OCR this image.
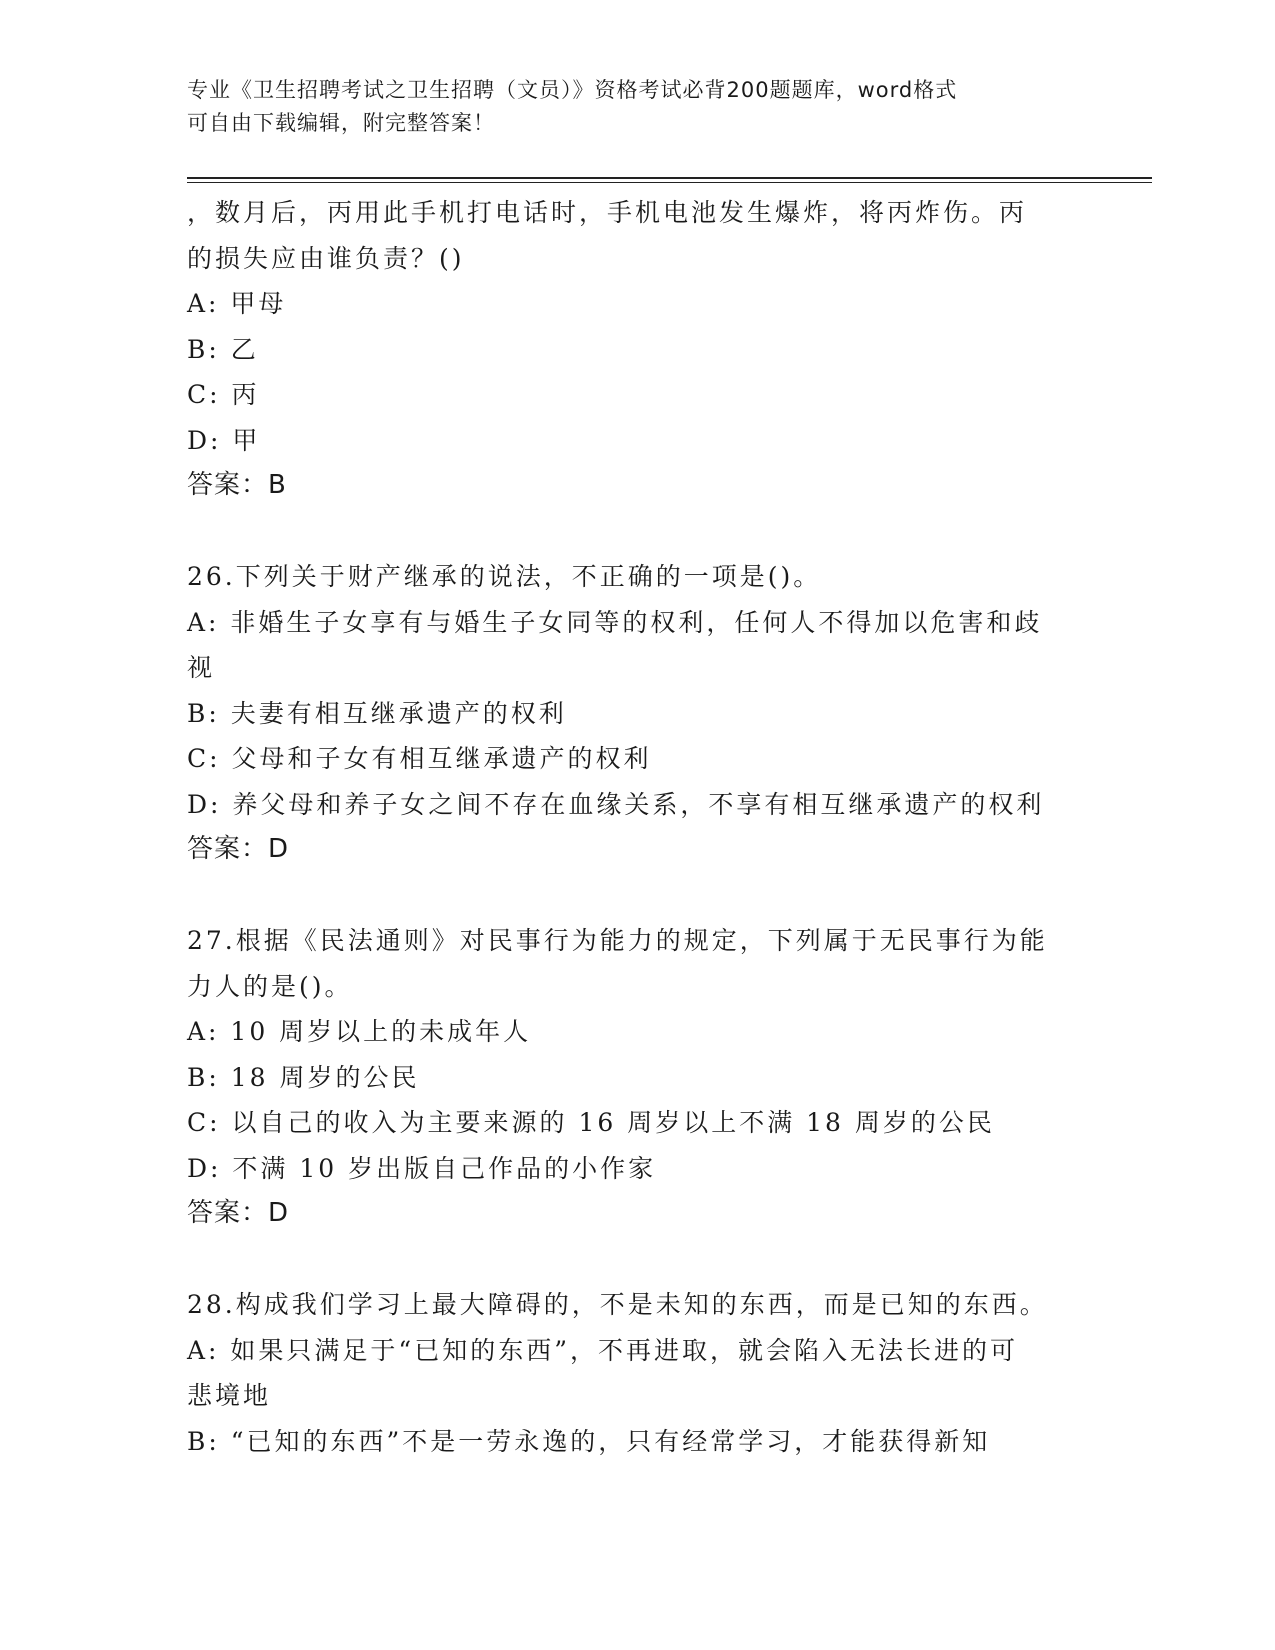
专业《卫生招聘考试之卫生招聘（文员）》资格考试必背200题题库，word格式
可自由下载编辑，附完整答案！
，数月后，丙用此手机打电话时，手机电池发生爆炸，将丙炸伤。丙
的损失应由谁负责？()
A: 甲母
B: 乙
C: 丙
D: 甲
答案：B
26.下列关于财产继承的说法，不正确的一项是()。
A: 非婚生子女享有与婚生子女同等的权利，任何人不得加以危害和歧
视
B: 夫妻有相互继承遗产的权利
C: 父母和子女有相互继承遗产的权利
D: 养父母和养子女之间不存在血缘关系，不享有相互继承遗产的权利
答案：D
27.根据《民法通则》对民事行为能力的规定，下列属于无民事行为能
力人的是()。
A: 10 周岁以上的未成年人
B: 18 周岁的公民
C: 以自己的收入为主要来源的 16 周岁以上不满 18 周岁的公民
D: 不满 10 岁出版自己作品的小作家
答案：D
28.构成我们学习上最大障碍的，不是未知的东西，而是已知的东西。
A: 如果只满足于“已知的东西”，不再进取，就会陷入无法长进的可
悲境地
B: “已知的东西”不是一劳永逸的，只有经常学习，才能获得新知
